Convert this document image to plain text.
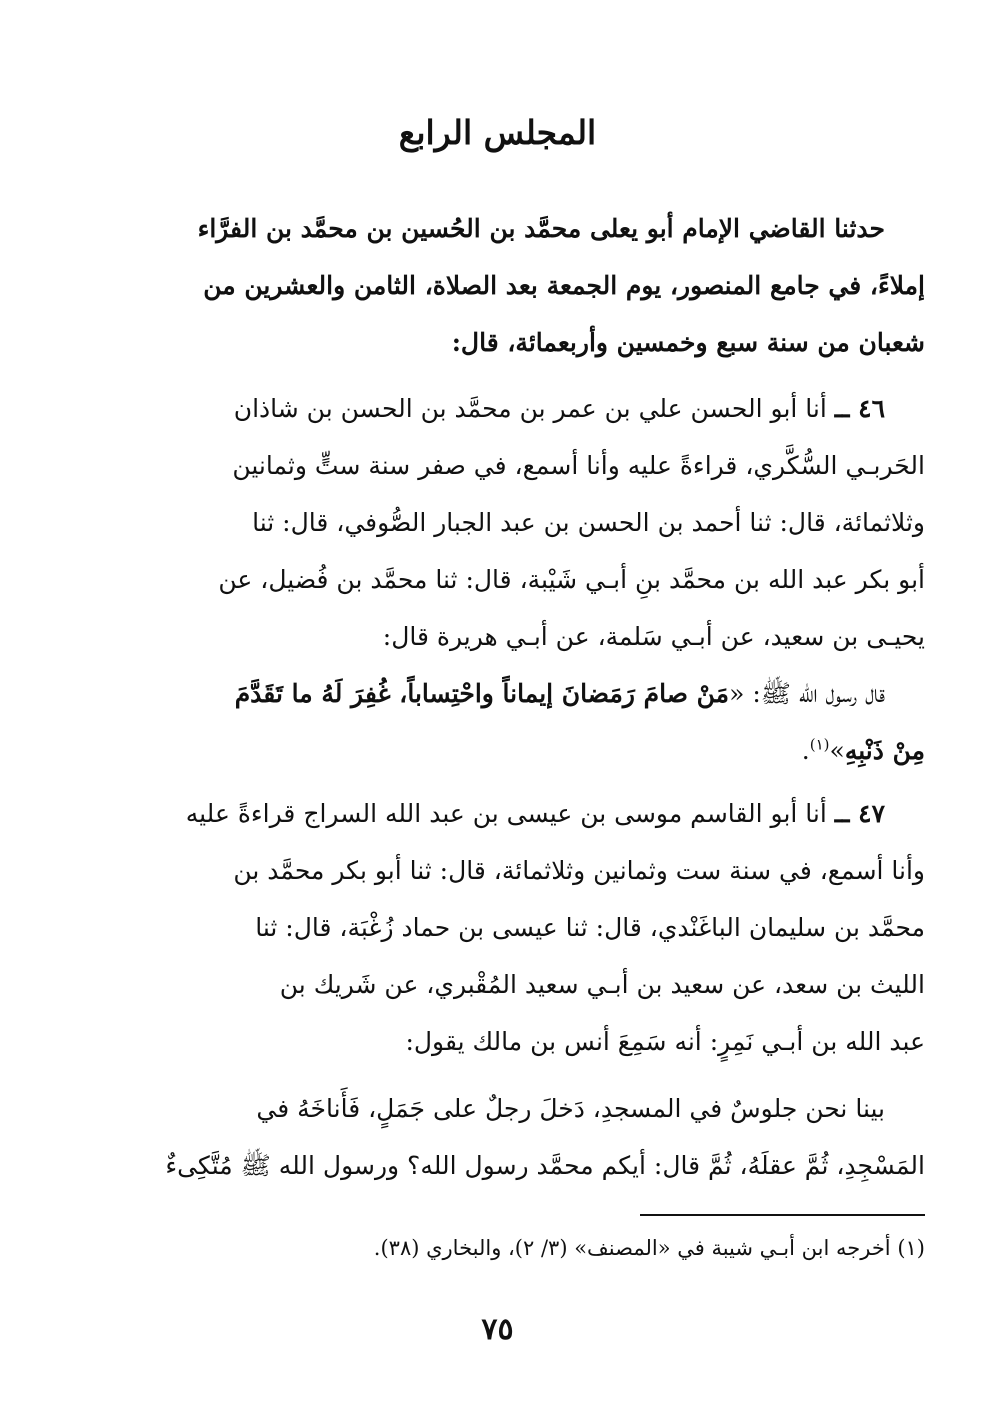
المجلس الرابع
حدثنا القاضي الإمام أبو يعلى محمَّد بن الحُسين بن محمَّد بن الفرَّاء
إملاءً، في جامع المنصور، يوم الجمعة بعد الصلاة، الثامن والعشرين من
شعبان من سنة سبع وخمسين وأربعمائة، قال:
٤٦ ــ أنا أبو الحسن علي بن عمر بن محمَّد بن الحسن بن شاذان
الحَربـي السُّكَّري، قراءةً عليه وأنا أسمع، في صفر سنة ستٍّ وثمانين
وثلاثمائة، قال: ثنا أحمد بن الحسن بن عبد الجبار الصُّوفي، قال: ثنا
أبو بكر عبد الله بن محمَّد بنِ أبـي شَيْبة، قال: ثنا محمَّد بن فُضيل، عن
يحيـى بن سعيد، عن أبـي سَلمة، عن أبـي هريرة قال:
قال رسول الله ﷺ: «مَنْ صامَ رَمَضانَ إيماناً واحْتِساباً، غُفِرَ لَهُ ما تَقَدَّمَ
مِنْ ذَنْبِهِ»$^{(١)}$.
٤٧ ــ أنا أبو القاسم موسى بن عيسى بن عبد الله السراج قراءةً عليه
وأنا أسمع، في سنة ست وثمانين وثلاثمائة، قال: ثنا أبو بكر محمَّد بن
محمَّد بن سليمان الباغَنْدي، قال: ثنا عيسى بن حماد زُغْبَة، قال: ثنا
الليث بن سعد، عن سعيد بن أبـي سعيد المُقْبري، عن شَريك بن
عبد الله بن أبـي نَمِرٍ: أنه سَمِعَ أنس بن مالك يقول:
بينا نحن جلوسٌ في المسجدِ، دَخلَ رجلٌ على جَمَلٍ، فَأَناخَهُ في
المَسْجِدِ، ثُمَّ عقلَهُ، ثُمَّ قال: أيكم محمَّد رسول الله؟ ورسول الله ﷺ مُتَّكِىءٌ
(١) أخرجه ابن أبـي شيبة في «المصنف» (٣/ ٢)، والبخاري (٣٨).
٧٥
